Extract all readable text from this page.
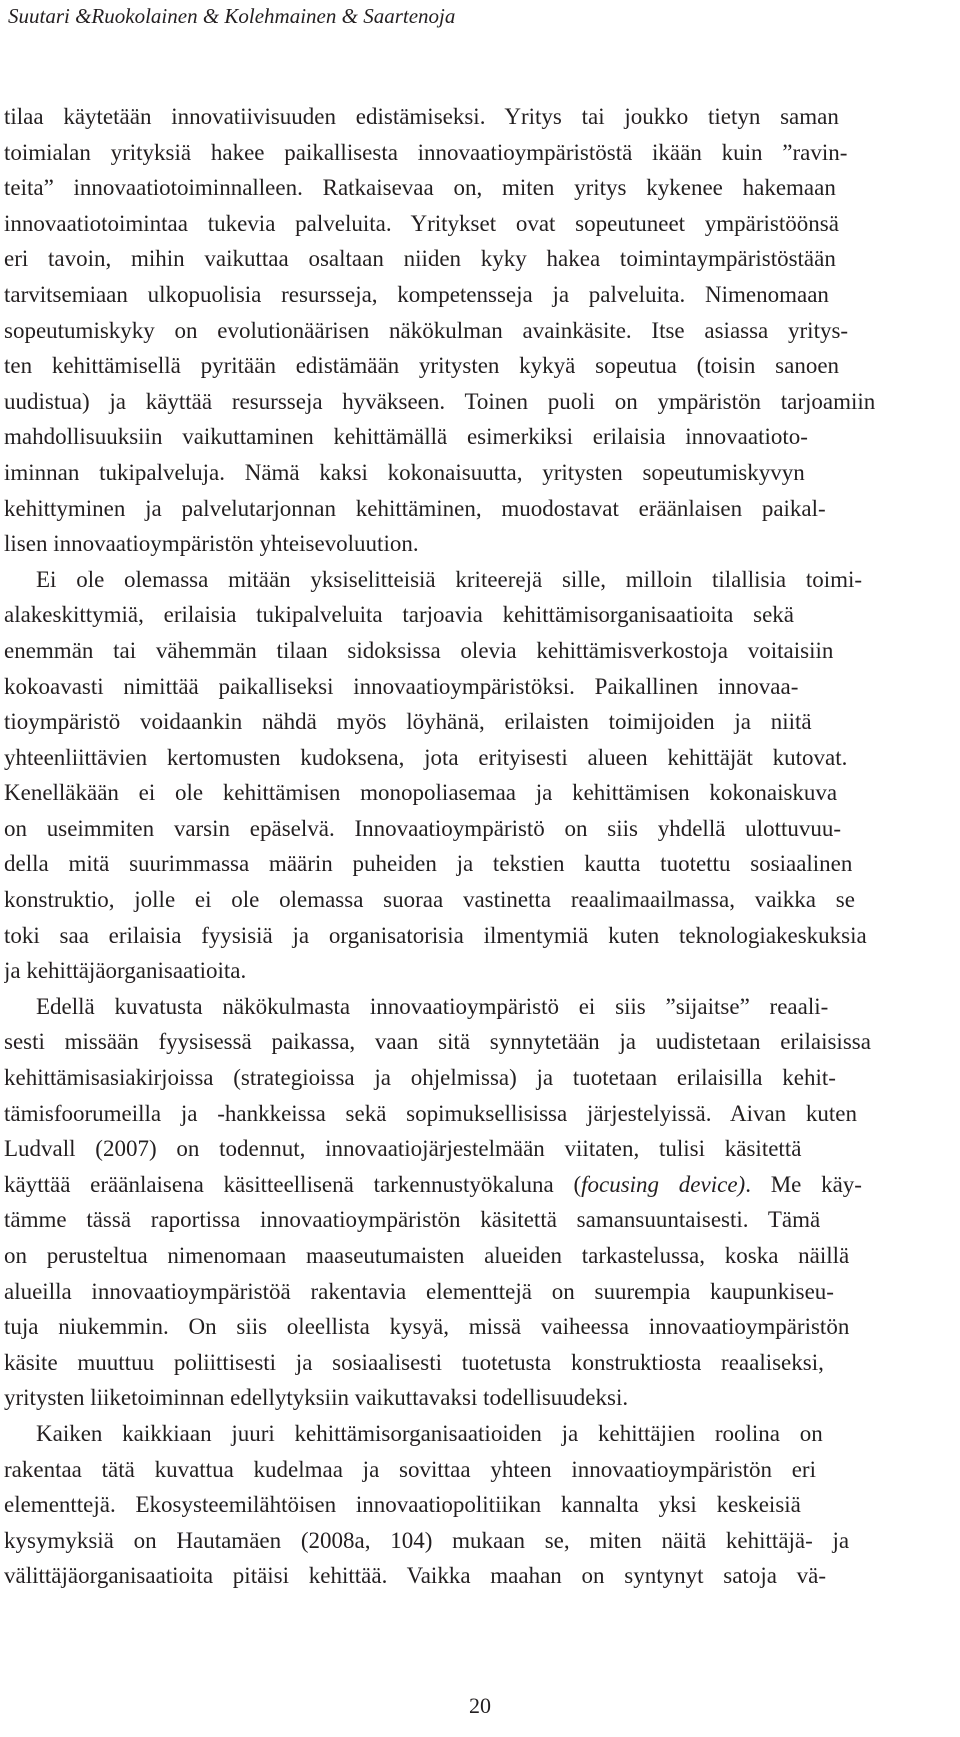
Suutari &Ruokolainen & Kolehmainen & Saartenoja

tilaa käytetään innovatiivisuuden edistämiseksi. Yritys tai joukko tietyn saman
toimialan yrityksiä hakee paikallisesta innovaatioympäristöstä ikään kuin ”ravin-
teita” innovaatiotoiminnalleen. Ratkaisevaa on, miten yritys kykenee hakemaan
innovaatiotoimintaa tukevia palveluita. Yritykset ovat sopeutuneet ympäristöönsä
eri tavoin, mihin vaikuttaa osaltaan niiden kyky hakea toimintaympäristöstään
tarvitsemiaan ulkopuolisia resursseja, kompetensseja ja palveluita. Nimenomaan
sopeutumiskyky on evolutionäärisen näkökulman avainkäsite. Itse asiassa yritys-
ten kehittämisellä pyritään edistämään yritysten kykyä sopeutua (toisin sanoen
uudistua) ja käyttää resursseja hyväkseen. Toinen puoli on ympäristön tarjoamiin
mahdollisuuksiin vaikuttaminen kehittämällä esimerkiksi erilaisia innovaatioto-
iminnan tukipalveluja. Nämä kaksi kokonaisuutta, yritysten sopeutumiskyvyn
kehittyminen ja palvelutarjonnan kehittäminen, muodostavat eräänlaisen paikal-
lisen innovaatioympäristön yhteisevoluution.

Ei ole olemassa mitään yksiselitteisiä kriteerejä sille, milloin tilallisia toimi-
alakeskittymiä, erilaisia tukipalveluita tarjoavia kehittämisorganisaatioita sekä
enemmän tai vähemmän tilaan sidoksissa olevia kehittämisverkostoja voitaisiin
kokoavasti nimittää paikalliseksi innovaatioympäristöksi. Paikallinen innovaa-
tioympäristö voidaankin nähdä myös löyhänä, erilaisten toimijoiden ja niitä
yhteenliittävien kertomusten kudoksena, jota erityisesti alueen kehittäjät kutovat.
Kenelläkään ei ole kehittämisen monopoliasemaa ja kehittämisen kokonaiskuva
on useimmiten varsin epäselvä. Innovaatioympäristö on siis yhdellä ulottuvuu-
della mitä suurimmassa määrin puheiden ja tekstien kautta tuotettu sosiaalinen
konstruktio, jolle ei ole olemassa suoraa vastinetta reaalimaailmassa, vaikka se
toki saa erilaisia fyysisiä ja organisatorisia ilmentymiä kuten teknologiakeskuksia
ja kehittäjäorganisaatioita.

Edellä kuvatusta näkökulmasta innovaatioympäristö ei siis ”sijaitse” reaali-
sesti missään fyysisessä paikassa, vaan sitä synnytetään ja uudistetaan erilaisissa
kehittämisasiakirjoissa (strategioissa ja ohjelmissa) ja tuotetaan erilaisilla kehit-
tämisfoorumeilla ja -hankkeissa sekä sopimuksellisissa järjestelyissä. Aivan kuten
Ludvall (2007) on todennut, innovaatiojärjestelmään viitaten, tulisi käsitettä
käyttää eräänlaisena käsitteellisenä tarkennustyökaluna (focusing device). Me käy-
tämme tässä raportissa innovaatioympäristön käsitettä samansuuntaisesti. Tämä
on perusteltua nimenomaan maaseutumaisten alueiden tarkastelussa, koska näillä
alueilla innovaatioympäristöä rakentavia elementtejä on suurempia kaupunkiseu-
tuja niukemmin. On siis oleellista kysyä, missä vaiheessa innovaatioympäristön
käsite muuttuu poliittisesti ja sosiaalisesti tuotetusta konstruktiosta reaaliseksi,
yritysten liiketoiminnan edellytyksiin vaikuttavaksi todellisuudeksi.

Kaiken kaikkiaan juuri kehittämisorganisaatioiden ja kehittäjien roolina on
rakentaa tätä kuvattua kudelmaa ja sovittaa yhteen innovaatioympäristön eri
elementtejä. Ekosysteemilähtöisen innovaatiopolitiikan kannalta yksi keskeisiä
kysymyksiä on Hautamäen (2008a, 104) mukaan se, miten näitä kehittäjä- ja
välittäjäorganisaatioita pitäisi kehittää. Vaikka maahan on syntynyt satoja vä-

20
